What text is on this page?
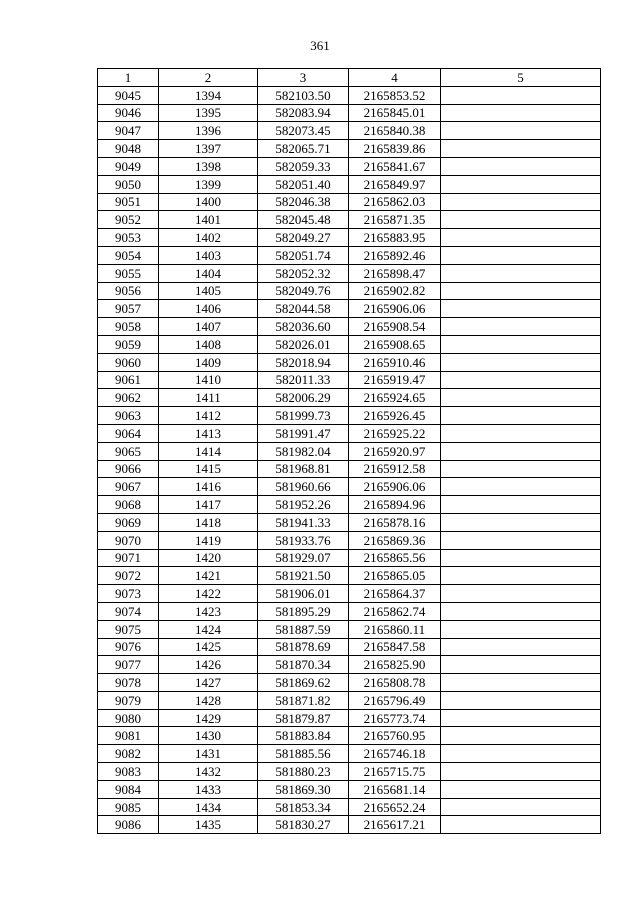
361
1	2	3	4	5
9045	1394	582103.50	2165853.52	
9046	1395	582083.94	2165845.01	
9047	1396	582073.45	2165840.38	
9048	1397	582065.71	2165839.86	
9049	1398	582059.33	2165841.67	
9050	1399	582051.40	2165849.97	
9051	1400	582046.38	2165862.03	
9052	1401	582045.48	2165871.35	
9053	1402	582049.27	2165883.95	
9054	1403	582051.74	2165892.46	
9055	1404	582052.32	2165898.47	
9056	1405	582049.76	2165902.82	
9057	1406	582044.58	2165906.06	
9058	1407	582036.60	2165908.54	
9059	1408	582026.01	2165908.65	
9060	1409	582018.94	2165910.46	
9061	1410	582011.33	2165919.47	
9062	1411	582006.29	2165924.65	
9063	1412	581999.73	2165926.45	
9064	1413	581991.47	2165925.22	
9065	1414	581982.04	2165920.97	
9066	1415	581968.81	2165912.58	
9067	1416	581960.66	2165906.06	
9068	1417	581952.26	2165894.96	
9069	1418	581941.33	2165878.16	
9070	1419	581933.76	2165869.36	
9071	1420	581929.07	2165865.56	
9072	1421	581921.50	2165865.05	
9073	1422	581906.01	2165864.37	
9074	1423	581895.29	2165862.74	
9075	1424	581887.59	2165860.11	
9076	1425	581878.69	2165847.58	
9077	1426	581870.34	2165825.90	
9078	1427	581869.62	2165808.78	
9079	1428	581871.82	2165796.49	
9080	1429	581879.87	2165773.74	
9081	1430	581883.84	2165760.95	
9082	1431	581885.56	2165746.18	
9083	1432	581880.23	2165715.75	
9084	1433	581869.30	2165681.14	
9085	1434	581853.34	2165652.24	
9086	1435	581830.27	2165617.21	
